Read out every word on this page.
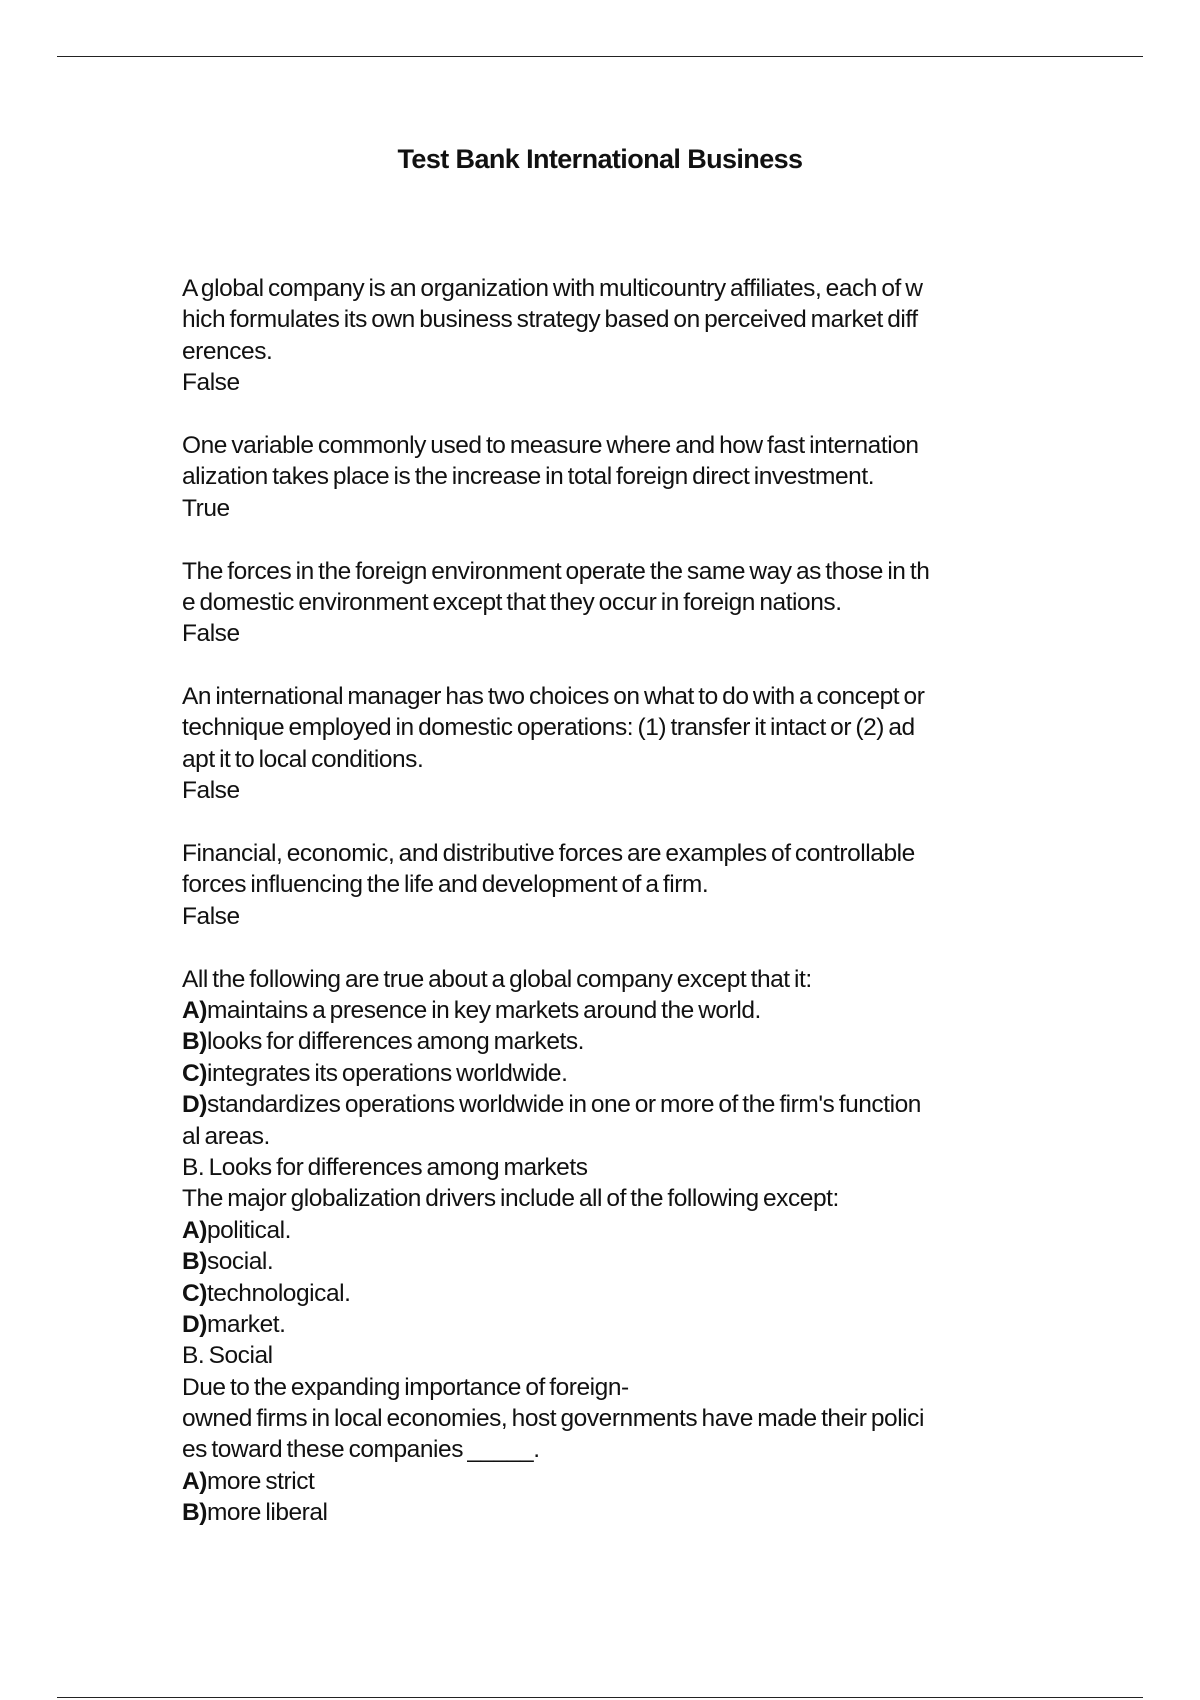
Test Bank International Business
A global company is an organization with multicountry affiliates, each of w
hich formulates its own business strategy based on perceived market diff
erences.
False
One variable commonly used to measure where and how fast internation
alization takes place is the increase in total foreign direct investment.
True
The forces in the foreign environment operate the same way as those in th
e domestic environment except that they occur in foreign nations.
False
An international manager has two choices on what to do with a concept or
technique employed in domestic operations: (1) transfer it intact or (2) ad
apt it to local conditions.
False
Financial, economic, and distributive forces are examples of controllable
forces influencing the life and development of a firm.
False
All the following are true about a global company except that it:
A)maintains a presence in key markets around the world.
B)looks for differences among markets.
C)integrates its operations worldwide.
D)standardizes operations worldwide in one or more of the firm's function
al areas.
B. Looks for differences among markets
The major globalization drivers include all of the following except:
A)political.
B)social.
C)technological.
D)market.
B. Social
Due to the expanding importance of foreign-
owned firms in local economies, host governments have made their polici
es toward these companies _____.
A)more strict
B)more liberal
